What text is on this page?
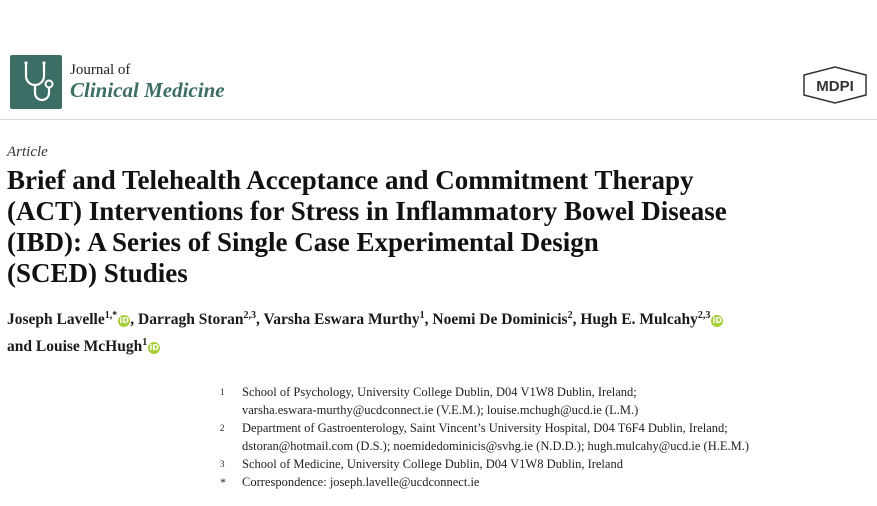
Journal of
Clinical Medicine	MDPI
Article
Brief and Telehealth Acceptance and Commitment Therapy
(ACT) Interventions for Stress in Inflammatory Bowel Disease
(IBD): A Series of Single Case Experimental Design
(SCED) Studies
Joseph Lavelle$^{1,*}$ iD, Darragh Storan$^{2,3}$, Varsha Eswara Murthy$^1$, Noemi De Dominicis$^2$, Hugh E. Mulcahy$^{2,3}$ iD
and Louise McHugh$^1$ iD
1 School of Psychology, University College Dublin, D04 V1W8 Dublin, Ireland;
varsha.eswara-murthy@ucdconnect.ie (V.E.M.); louise.mchugh@ucd.ie (L.M.)
2 Department of Gastroenterology, Saint Vincent’s University Hospital, D04 T6F4 Dublin, Ireland;
dstoran@hotmail.com (D.S.); noemidedominicis@svhg.ie (N.D.D.); hugh.mulcahy@ucd.ie (H.E.M.)
3 School of Medicine, University College Dublin, D04 V1W8 Dublin, Ireland
* Correspondence: joseph.lavelle@ucdconnect.ie
